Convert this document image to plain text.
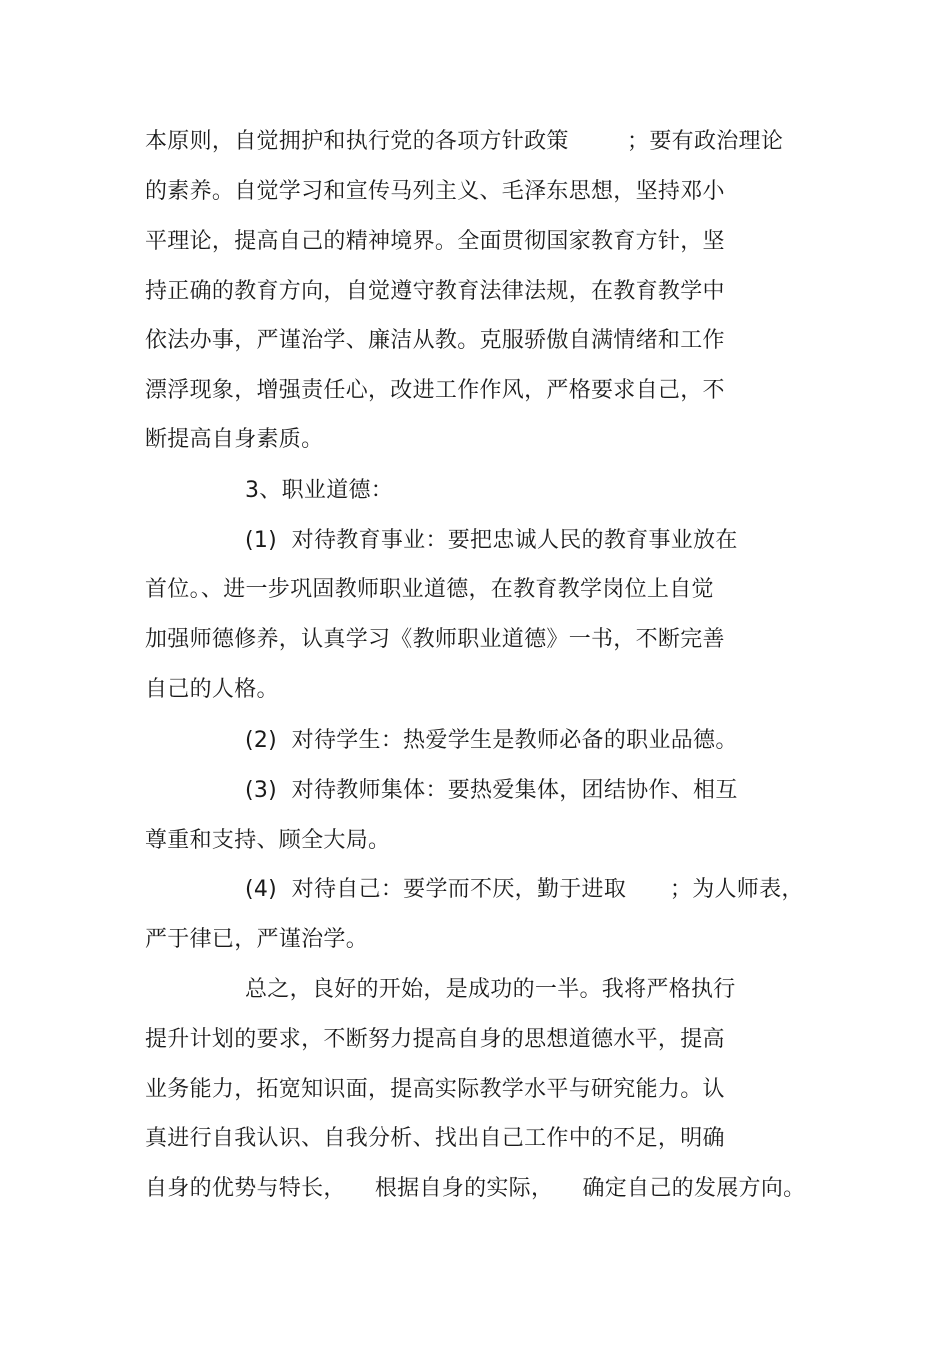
本原则，自觉拥护和执行党的各项方针政策        ；要有政治理论
的素养。自觉学习和宣传马列主义、毛泽东思想，坚持邓小
平理论，提高自己的精神境界。全面贯彻国家教育方针，坚
持正确的教育方向，自觉遵守教育法律法规，在教育教学中
依法办事，严谨治学、廉洁从教。克服骄傲自满情绪和工作
漂浮现象，增强责任心，改进工作作风，严格要求自己，不
断提高自身素质。
3、职业道德：
(1)  对待教育事业：要把忠诚人民的教育事业放在
首位。、进一步巩固教师职业道德，在教育教学岗位上自觉
加强师德修养，认真学习《教师职业道德》一书，不断完善
自己的人格。
(2)  对待学生：热爱学生是教师必备的职业品德。
(3)  对待教师集体：要热爱集体，团结协作、相互
尊重和支持、顾全大局。
(4)  对待自己：要学而不厌，勤于进取      ；为人师表，
严于律已，严谨治学。
总之，良好的开始，是成功的一半。我将严格执行
提升计划的要求，不断努力提高自身的思想道德水平，提高
业务能力，拓宽知识面，提高实际教学水平与研究能力。认
真进行自我认识、自我分析、找出自己工作中的不足，明确
自身的优势与特长，    根据自身的实际，    确定自己的发展方向。
